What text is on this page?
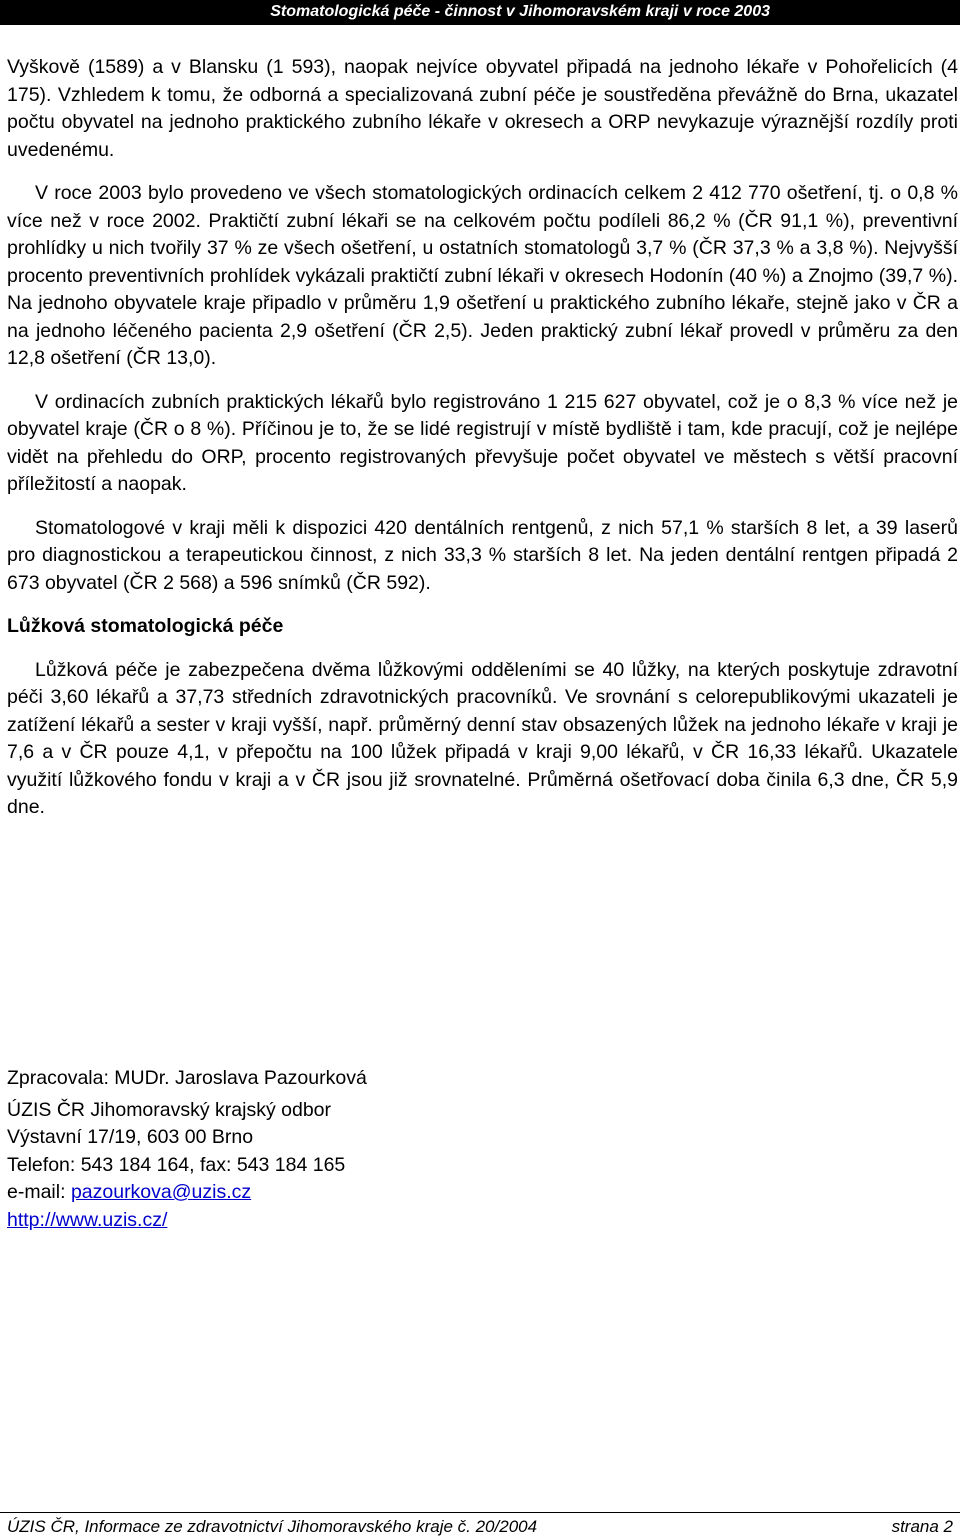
Stomatologická péče - činnost v Jihomoravském kraji v roce 2003

Vyškově (1589) a v Blansku (1 593), naopak nejvíce obyvatel připadá na jednoho lékaře v Pohořelicích (4 175). Vzhledem k tomu, že odborná a specializovaná zubní péče je soustředěna převážně do Brna, ukazatel počtu obyvatel na jednoho praktického zubního lékaře v okresech a ORP nevykazuje výraznější rozdíly proti uvedenému.

V roce 2003 bylo provedeno ve všech stomatologických ordinacích celkem 2 412 770 ošetření, tj. o 0,8 % více než v roce 2002. Praktičtí zubní lékaři se na celkovém počtu podíleli 86,2 % (ČR 91,1 %), preventivní prohlídky u nich tvořily 37 % ze všech ošetření, u ostatních stomatologů 3,7 % (ČR 37,3 % a 3,8 %). Nejvyšší procento preventivních prohlídek vykázali praktičtí zubní lékaři v okresech Hodonín (40 %) a Znojmo (39,7 %). Na jednoho obyvatele kraje připadlo v průměru 1,9 ošetření u praktického zubního lékaře, stejně jako v ČR a na jednoho léčeného pacienta 2,9 ošetření (ČR 2,5). Jeden praktický zubní lékař provedl v průměru za den 12,8 ošetření (ČR 13,0).

V ordinacích zubních praktických lékařů bylo registrováno 1 215 627 obyvatel, což je o 8,3 % více než je obyvatel kraje (ČR o 8 %). Příčinou je to, že se lidé registrují v místě bydliště i tam, kde pracují, což je nejlépe vidět na přehledu do ORP, procento registrovaných převyšuje počet obyvatel ve městech s větší pracovní příležitostí a naopak.

Stomatologové v kraji měli k dispozici 420 dentálních rentgenů, z nich 57,1 % starších 8 let, a 39 laserů pro diagnostickou a terapeutickou činnost, z nich 33,3 % starších 8 let. Na jeden dentální rentgen připadá 2 673 obyvatel (ČR 2 568) a 596 snímků (ČR 592).

Lůžková stomatologická péče

Lůžková péče je zabezpečena dvěma lůžkovými odděleními se 40 lůžky, na kterých poskytuje zdravotní péči 3,60 lékařů a 37,73 středních zdravotnických pracovníků. Ve srovnání s celorepublikovými ukazateli je zatížení lékařů a sester v kraji vyšší, např. průměrný denní stav obsazených lůžek na jednoho lékaře v kraji je 7,6 a v ČR pouze 4,1, v přepočtu na 100 lůžek připadá v kraji 9,00 lékařů, v ČR 16,33 lékařů. Ukazatele využití lůžkového fondu v kraji a v ČR jsou již srovnatelné. Průměrná ošetřovací doba činila 6,3 dne, ČR 5,9 dne.

Zpracovala: MUDr. Jaroslava Pazourková
ÚZIS ČR Jihomoravský krajský odbor
Výstavní 17/19, 603 00 Brno
Telefon: 543 184 164, fax: 543 184 165
e-mail: pazourkova@uzis.cz
http://www.uzis.cz/
ÚZIS ČR, Informace ze zdravotnictví Jihomoravského kraje č. 20/2004	strana 2
